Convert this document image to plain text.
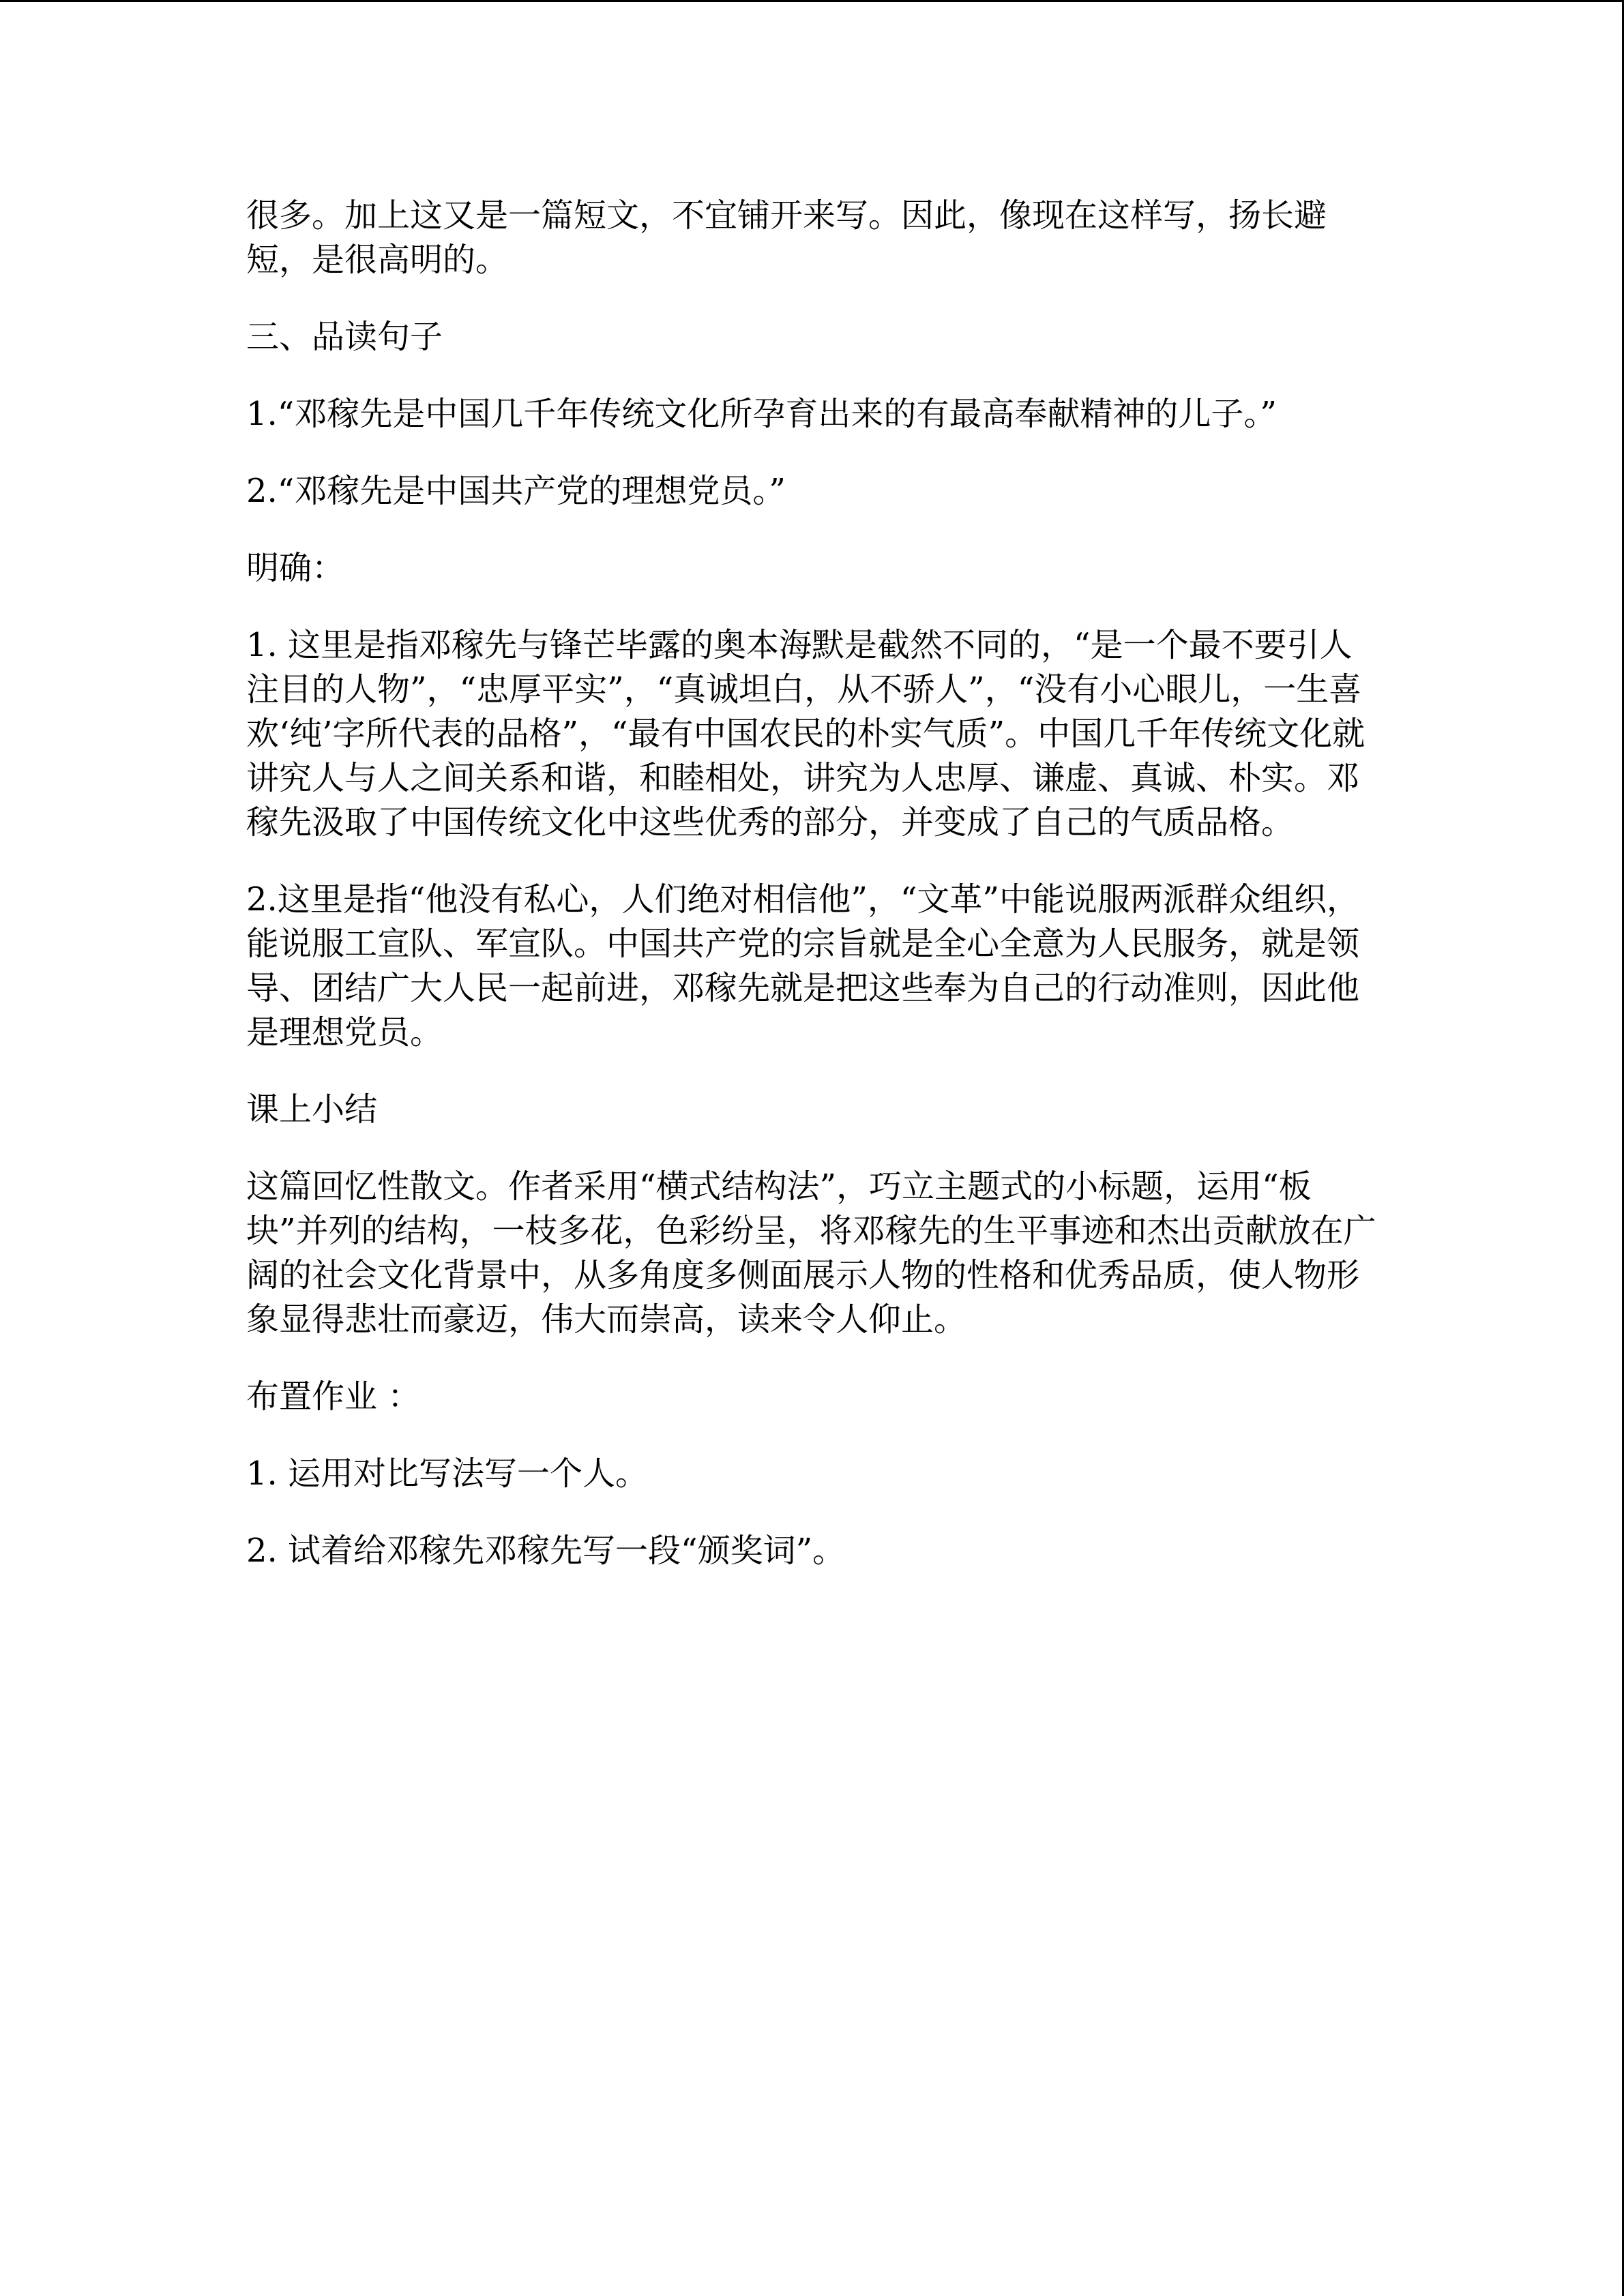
很多。加上这又是一篇短文，不宜铺开来写。因此，像现在这样写，扬长避短，是很高明的。

三、品读句子

1.“邓稼先是中国几千年传统文化所孕育出来的有最高奉献精神的儿子。”

2.“邓稼先是中国共产党的理想党员。”

明确：

1. 这里是指邓稼先与锋芒毕露的奥本海默是截然不同的，“是一个最不要引人注目的人物”，“忠厚平实”，“真诚坦白，从不骄人”，“没有小心眼儿，一生喜欢‘纯’字所代表的品格”，“最有中国农民的朴实气质”。中国几千年传统文化就讲究人与人之间关系和谐，和睦相处，讲究为人忠厚、谦虚、真诚、朴实。邓稼先汲取了中国传统文化中这些优秀的部分，并变成了自己的气质品格。

2.这里是指“他没有私心，人们绝对相信他”，“文革”中能说服两派群众组织，能说服工宣队、军宣队。中国共产党的宗旨就是全心全意为人民服务，就是领导、团结广大人民一起前进，邓稼先就是把这些奉为自己的行动准则，因此他是理想党员。

课上小结

这篇回忆性散文。作者采用“横式结构法”，巧立主题式的小标题，运用“板块”并列的结构，一枝多花，色彩纷呈，将邓稼先的生平事迹和杰出贡献放在广阔的社会文化背景中，从多角度多侧面展示人物的性格和优秀品质，使人物形象显得悲壮而豪迈，伟大而崇高，读来令人仰止。

布置作业 ：

1. 运用对比写法写一个人。

2. 试着给邓稼先邓稼先写一段“颁奖词”。
